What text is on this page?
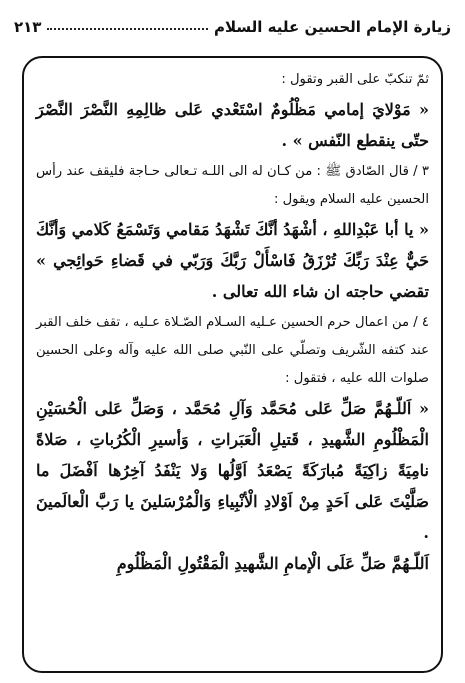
زيارة الإمام الحسين عليه السلام
٢١٣

ثمّ تنكبّ على القبر وتقول :

« مَوْلايَ إمامي مَظْلُومٌ اسْتَعْدي عَلى ظالِمِهِ النَّصْرَ النَّصْرَ حتّى ينقطع النّفس » .

٣ / قال الصّادق ﷺ : من كـان له الى اللـه تـعالى حـاجة فليقف عند رأس الحسين عليه السلام ويقول :

« يا أبا عَبْدِاللهِ ، أشْهَدُ أنَّكَ تَشْهَدُ مَقامي وَتَسْمَعُ كَلامي وَأنَّكَ حَيٌّ عِنْدَ رَبِّكَ تُرْزَقُ فَاسْأَلْ رَبَّكَ وَرَبّي في قَضاءِ حَوائِجي » تقضي حاجته ان شاء الله تعالى .

٤ / من اعمال حرم الحسين عـليه السـلام الصّـلاة عـليه ، تقف خلف القبر عند كتفه الشّريف وتصلّي على النّبي صلى الله عليه وآله وعلى الحسين صلوات الله عليه ، فتقول :

« اَللّـهُمَّ صَلِّ عَلى مُحَمَّد وَآلِ مُحَمَّد ، وَصَلِّ عَلى الْحُسَيْنِ الْمَظْلُومِ الشَّهيدِ ، قَتيلِ الْعَبَراتِ ، وَأسيرِ الْكُرُباتِ ، صَلاةً نامِيَةً زاكِيَةً مُبارَكَةً يَصْعَدُ اَوَّلُها وَلا يَنْفَدُ آخِرُها اَفْضَلَ ما صَلَّيْتَ عَلى اَحَدٍ مِنْ اَوْلادِ الْأنْبِياءِ وَالْمُرْسَلينَ يا رَبَّ الْعالَمينَ .

اَللّـهُمَّ صَلِّ عَلَى الْإمامِ الشَّهيدِ الْمَقْتُولِ الْمَظْلُومِ
